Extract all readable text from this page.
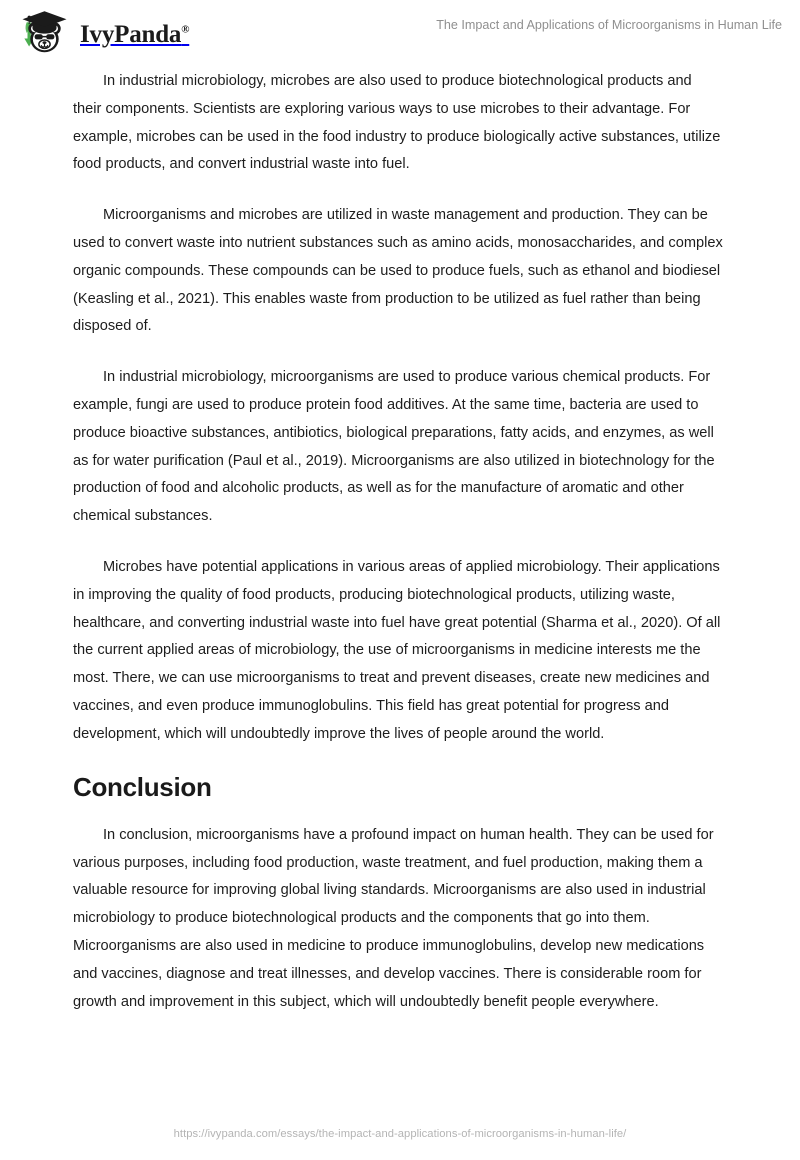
IvyPanda®	The Impact and Applications of Microorganisms in Human Life

In industrial microbiology, microbes are also used to produce biotechnological products and their components. Scientists are exploring various ways to use microbes to their advantage. For example, microbes can be used in the food industry to produce biologically active substances, utilize food products, and convert industrial waste into fuel.

Microorganisms and microbes are utilized in waste management and production. They can be used to convert waste into nutrient substances such as amino acids, monosaccharides, and complex organic compounds. These compounds can be used to produce fuels, such as ethanol and biodiesel (Keasling et al., 2021). This enables waste from production to be utilized as fuel rather than being disposed of.

In industrial microbiology, microorganisms are used to produce various chemical products. For example, fungi are used to produce protein food additives. At the same time, bacteria are used to produce bioactive substances, antibiotics, biological preparations, fatty acids, and enzymes, as well as for water purification (Paul et al., 2019). Microorganisms are also utilized in biotechnology for the production of food and alcoholic products, as well as for the manufacture of aromatic and other chemical substances.

Microbes have potential applications in various areas of applied microbiology. Their applications in improving the quality of food products, producing biotechnological products, utilizing waste, healthcare, and converting industrial waste into fuel have great potential (Sharma et al., 2020). Of all the current applied areas of microbiology, the use of microorganisms in medicine interests me the most. There, we can use microorganisms to treat and prevent diseases, create new medicines and vaccines, and even produce immunoglobulins. This field has great potential for progress and development, which will undoubtedly improve the lives of people around the world.

Conclusion

In conclusion, microorganisms have a profound impact on human health. They can be used for various purposes, including food production, waste treatment, and fuel production, making them a valuable resource for improving global living standards. Microorganisms are also used in industrial microbiology to produce biotechnological products and the components that go into them. Microorganisms are also used in medicine to produce immunoglobulins, develop new medications and vaccines, diagnose and treat illnesses, and develop vaccines. There is considerable room for growth and improvement in this subject, which will undoubtedly benefit people everywhere.

https://ivypanda.com/essays/the-impact-and-applications-of-microorganisms-in-human-life/
